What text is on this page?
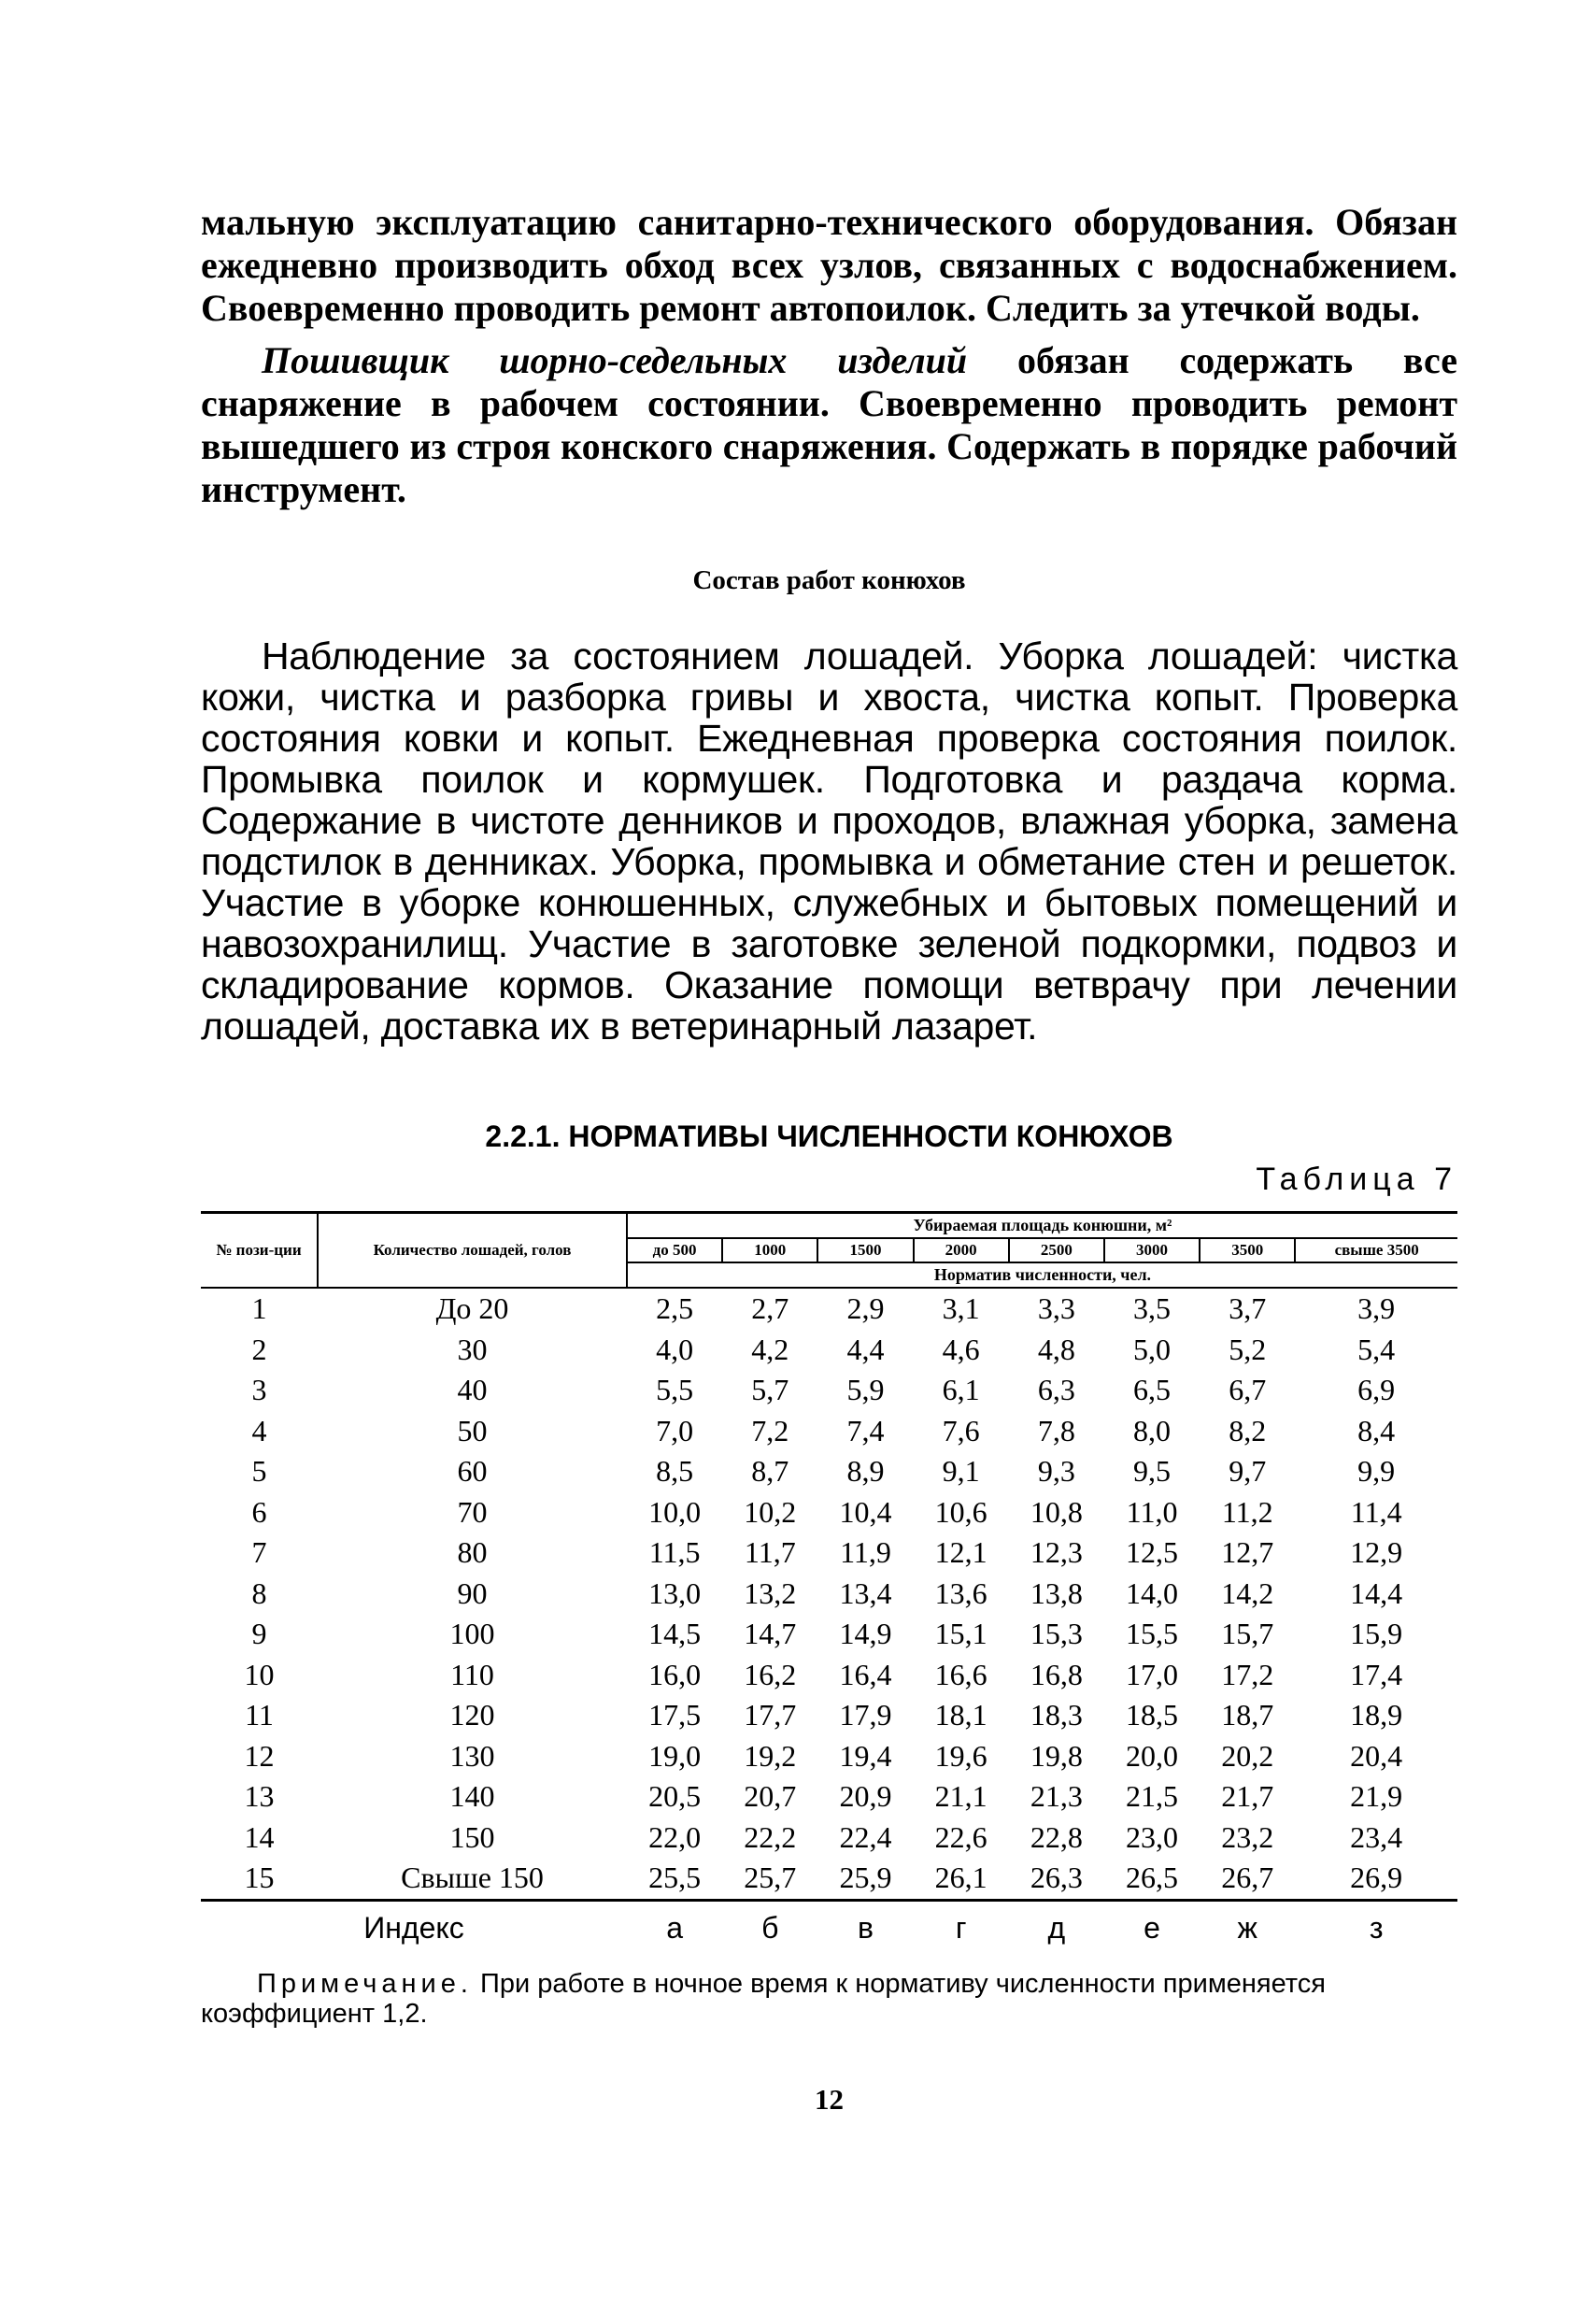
мальную эксплуатацию санитарно-технического оборудования. Обязан ежедневно производить обход всех узлов, связанных с водоснабжением. Своевременно проводить ремонт автопоилок. Следить за утечкой воды.

Пошивщик шорно-седельных изделий обязан содержать все снаряжение в рабочем состоянии. Своевременно проводить ремонт вышедшего из строя конского снаряжения. Содержать в порядке рабочий инструмент.

Состав работ конюхов

Наблюдение за состоянием лошадей. Уборка лошадей: чистка кожи, чистка и разборка гривы и хвоста, чистка копыт. Проверка состояния ковки и копыт. Ежедневная проверка состояния поилок. Промывка поилок и кормушек. Подготовка и раздача корма. Содержание в чистоте денников и проходов, влажная уборка, замена подстилок в денниках. Уборка, промывка и обметание стен и решеток. Участие в уборке конюшенных, служебных и бытовых помещений и навозохранилищ. Участие в заготовке зеленой подкормки, подвоз и складирование кормов. Оказание помощи ветврачу при лечении лошадей, доставка их в ветеринарный лазарет.

2.2.1. НОРМАТИВЫ ЧИСЛЕННОСТИ КОНЮХОВ
Таблица 7
№ пози-ции	Количество лошадей, голов	Убираемая площадь конюшни, м²							
		до 500	1000	1500	2000	2500	3000	3500	свыше 3500
		Норматив численности, чел.							
1	До 20	2,5	2,7	2,9	3,1	3,3	3,5	3,7	3,9
2	30	4,0	4,2	4,4	4,6	4,8	5,0	5,2	5,4
3	40	5,5	5,7	5,9	6,1	6,3	6,5	6,7	6,9
4	50	7,0	7,2	7,4	7,6	7,8	8,0	8,2	8,4
5	60	8,5	8,7	8,9	9,1	9,3	9,5	9,7	9,9
6	70	10,0	10,2	10,4	10,6	10,8	11,0	11,2	11,4
7	80	11,5	11,7	11,9	12,1	12,3	12,5	12,7	12,9
8	90	13,0	13,2	13,4	13,6	13,8	14,0	14,2	14,4
9	100	14,5	14,7	14,9	15,1	15,3	15,5	15,7	15,9
10	110	16,0	16,2	16,4	16,6	16,8	17,0	17,2	17,4
11	120	17,5	17,7	17,9	18,1	18,3	18,5	18,7	18,9
12	130	19,0	19,2	19,4	19,6	19,8	20,0	20,2	20,4
13	140	20,5	20,7	20,9	21,1	21,3	21,5	21,7	21,9
14	150	22,0	22,2	22,4	22,6	22,8	23,0	23,2	23,4
15	Свыше 150	25,5	25,7	25,9	26,1	26,3	26,5	26,7	26,9
Индекс		а	б	в	г	д	е	ж	з
Примечание. При работе в ночное время к нормативу численности применяется коэффициент 1,2.
12
